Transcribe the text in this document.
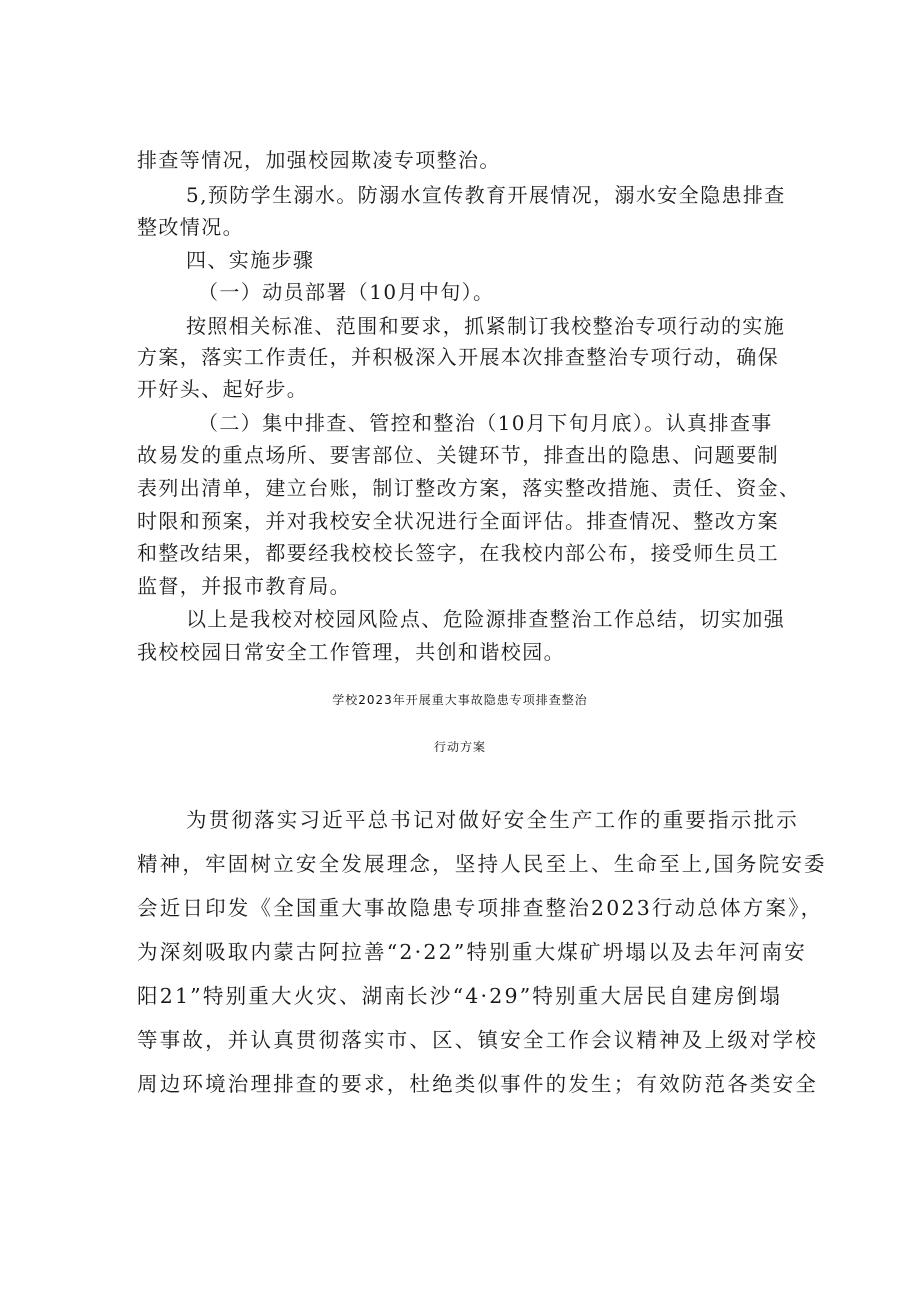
排查等情况，加强校园欺凌专项整治。
5,预防学生溺水。防溺水宣传教育开展情况，溺水安全隐患排查
整改情况。
四、实施步骤
（一）动员部署（10月中旬）。
按照相关标准、范围和要求，抓紧制订我校整治专项行动的实施
方案，落实工作责任，并积极深入开展本次排查整治专项行动，确保
开好头、起好步。
（二）集中排查、管控和整治（10月下旬月底）。认真排查事
故易发的重点场所、要害部位、关键环节，排查出的隐患、问题要制
表列出清单，建立台账，制订整改方案，落实整改措施、责任、资金、
时限和预案，并对我校安全状况进行全面评估。排查情况、整改方案
和整改结果，都要经我校校长签字，在我校内部公布，接受师生员工
监督，并报市教育局。
以上是我校对校园风险点、危险源排查整治工作总结，切实加强
我校校园日常安全工作管理，共创和谐校园。
学校2023年开展重大事故隐患专项排查整治
行动方案
为贯彻落实习近平总书记对做好安全生产工作的重要指示批示
精神，牢固树立安全发展理念，坚持人民至上、生命至上,国务院安委
会近日印发《全国重大事故隐患专项排查整治2023行动总体方案》，
为深刻吸取内蒙古阿拉善“2·22”特别重大煤矿坍塌以及去年河南安
阳21”特别重大火灾、湖南长沙“4·29”特别重大居民自建房倒塌
等事故，并认真贯彻落实市、区、镇安全工作会议精神及上级对学校
周边环境治理排查的要求，杜绝类似事件的发生；有效防范各类安全
